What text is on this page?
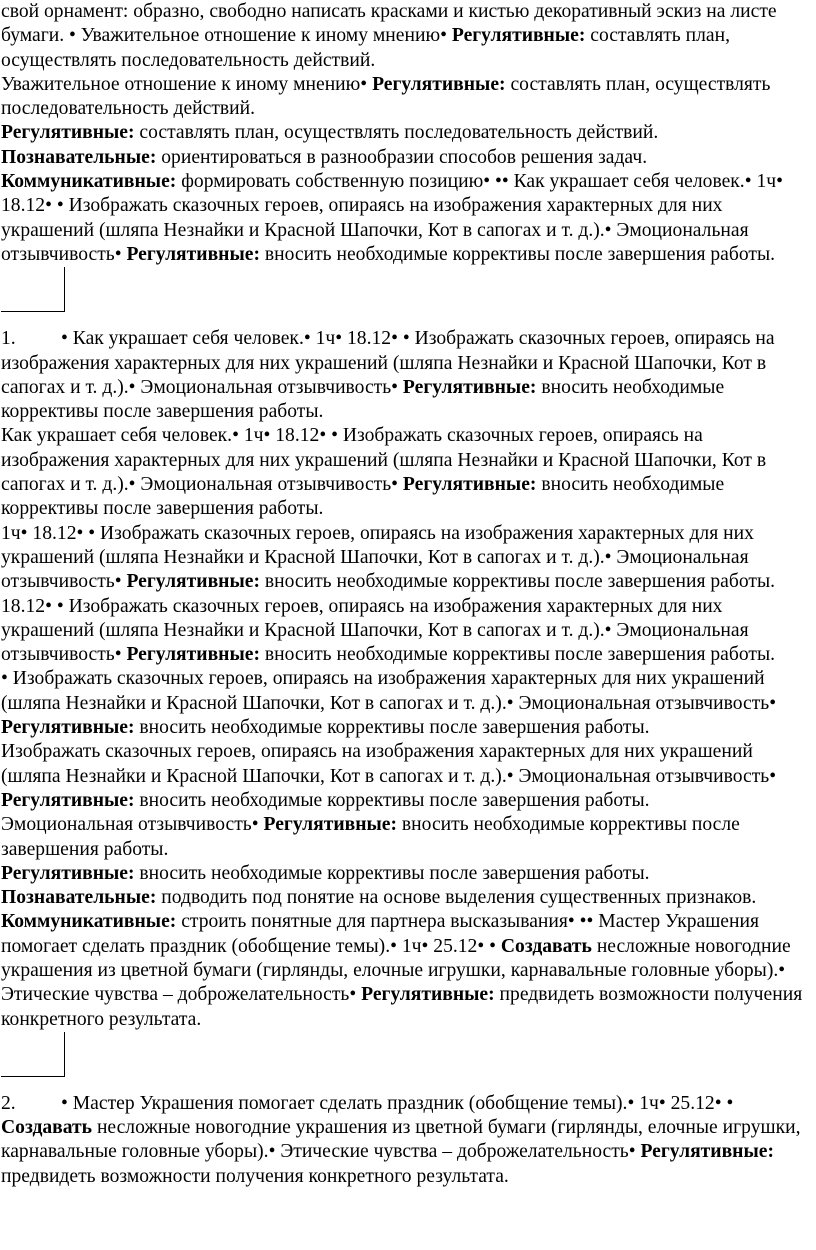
свой орнамент: образно, свободно написать красками и кистью декоративный эскиз на листе бумаги. • Уважительное отношение к иному мнению• Регулятивные: составлять план, осуществлять последовательность действий.

Уважительное отношение к иному мнению• Регулятивные: составлять план, осуществлять последовательность действий.

Регулятивные: составлять план, осуществлять последовательность действий.

Познавательные: ориентироваться в разнообразии способов решения задач.

Коммуникативные: формировать собственную позицию• •• Как украшает себя человек.• 1ч• 18.12• • Изображать сказочных героев, опираясь на изображения характерных для них украшений (шляпа Незнайки и Красной Шапочки, Кот в сапогах и т. д.).• Эмоциональная отзывчивость• Регулятивные: вносить необходимые коррективы после завершения работы.

1. • Как украшает себя человек.• 1ч• 18.12• • Изображать сказочных героев, опираясь на изображения характерных для них украшений (шляпа Незнайки и Красной Шапочки, Кот в сапогах и т. д.).• Эмоциональная отзывчивость• Регулятивные: вносить необходимые коррективы после завершения работы.

Как украшает себя человек.• 1ч• 18.12• • Изображать сказочных героев, опираясь на изображения характерных для них украшений (шляпа Незнайки и Красной Шапочки, Кот в сапогах и т. д.).• Эмоциональная отзывчивость• Регулятивные: вносить необходимые коррективы после завершения работы.

1ч• 18.12• • Изображать сказочных героев, опираясь на изображения характерных для них украшений (шляпа Незнайки и Красной Шапочки, Кот в сапогах и т. д.).• Эмоциональная отзывчивость• Регулятивные: вносить необходимые коррективы после завершения работы.

18.12• • Изображать сказочных героев, опираясь на изображения характерных для них украшений (шляпа Незнайки и Красной Шапочки, Кот в сапогах и т. д.).• Эмоциональная отзывчивость• Регулятивные: вносить необходимые коррективы после завершения работы.

• Изображать сказочных героев, опираясь на изображения характерных для них украшений (шляпа Незнайки и Красной Шапочки, Кот в сапогах и т. д.).• Эмоциональная отзывчивость• Регулятивные: вносить необходимые коррективы после завершения работы.

Изображать сказочных героев, опираясь на изображения характерных для них украшений (шляпа Незнайки и Красной Шапочки, Кот в сапогах и т. д.).• Эмоциональная отзывчивость• Регулятивные: вносить необходимые коррективы после завершения работы.

Эмоциональная отзывчивость• Регулятивные: вносить необходимые коррективы после завершения работы.

Регулятивные: вносить необходимые коррективы после завершения работы.

Познавательные: подводить под понятие на основе выделения существенных признаков.

Коммуникативные: строить понятные для партнера высказывания• •• Мастер Украшения помогает сделать праздник (обобщение темы).• 1ч• 25.12• • Создавать несложные новогодние украшения из цветной бумаги (гирлянды, елочные игрушки, карнавальные головные уборы).• Этические чувства – доброжелательность• Регулятивные: предвидеть возможности получения конкретного результата.

2. • Мастер Украшения помогает сделать праздник (обобщение темы).• 1ч• 25.12• • Создавать несложные новогодние украшения из цветной бумаги (гирлянды, елочные игрушки, карнавальные головные уборы).• Этические чувства – доброжелательность• Регулятивные: предвидеть возможности получения конкретного результата.
